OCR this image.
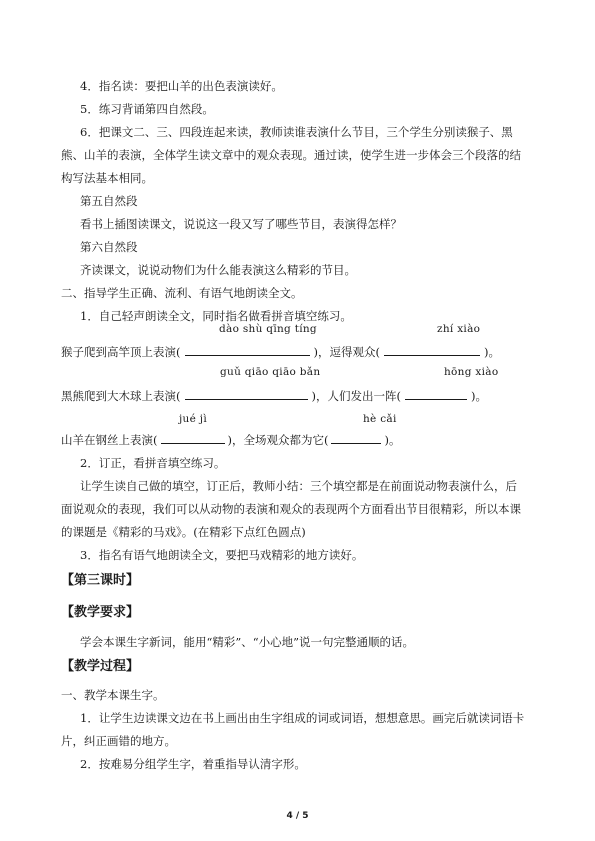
4．指名读：要把山羊的出色表演读好。
5．练习背诵第四自然段。
6．把课文二、三、四段连起来读，教师读谁表演什么节目，三个学生分别读猴子、黑
熊、山羊的表演，全体学生读文章中的观众表现。通过读，使学生进一步体会三个段落的结
构写法基本相同。
第五自然段
看书上插图读课文，说说这一段又写了哪些节目，表演得怎样？
第六自然段
齐读课文，说说动物们为什么能表演这么精彩的节目。
二、指导学生正确、流利、有语气地朗读全文。
1．自己轻声朗读全文，同时指名做看拼音填空练习。
dào shù qīng tíng	zhí xiào
猴子爬到高竿顶上表演(	)，逗得观众(	)。
guǔ qiāo qiāo bǎn	hōng xiào
黑熊爬到大木球上表演(	)，人们发出一阵(	)。
jué jì	hè cǎi
山羊在钢丝上表演(	)，全场观众都为它(	)。
2．订正，看拼音填空练习。
让学生读自己做的填空，订正后，教师小结：三个填空都是在前面说动物表演什么，后
面说观众的表现，我们可以从动物的表演和观众的表现两个方面看出节目很精彩，所以本课
的课题是《精彩的马戏》。(在精彩下点红色圆点)
3．指名有语气地朗读全文，要把马戏精彩的地方读好。
【第三课时】
【教学要求】
学会本课生字新词，能用“精彩”、“小心地”说一句完整通顺的话。
【教学过程】
一、教学本课生字。
1．让学生边读课文边在书上画出由生字组成的词或词语，想想意思。画完后就读词语卡
片，纠正画错的地方。
2．按难易分组学生字，着重指导认清字形。
4 / 5
